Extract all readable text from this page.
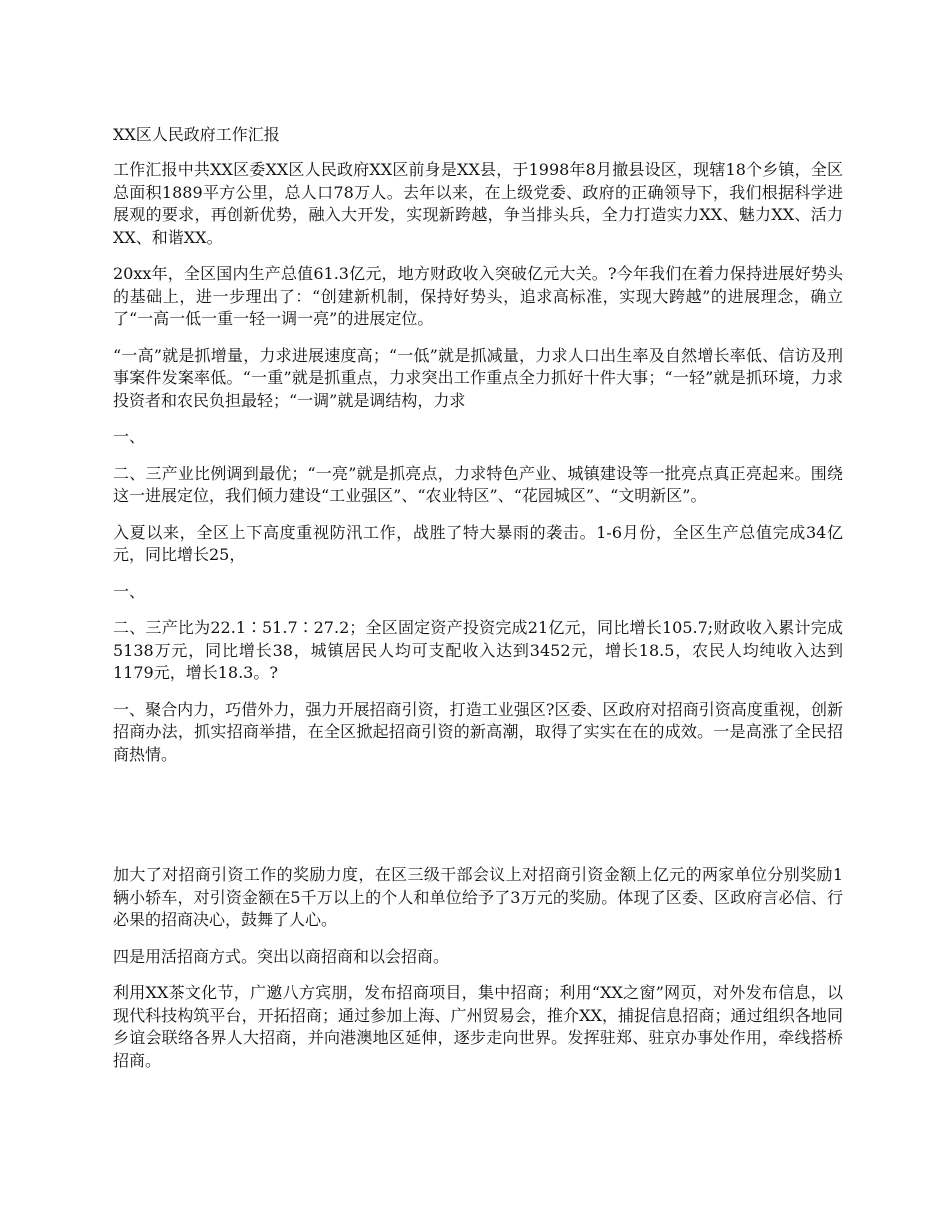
XX区人民政府工作汇报

工作汇报中共XX区委XX区人民政府XX区前身是XX县，于1998年8月撤县设区，现辖18个乡镇，全区总面积1889平方公里，总人口78万人。去年以来，在上级党委、政府的正确领导下，我们根据科学进展观的要求，再创新优势，融入大开发，实现新跨越，争当排头兵，全力打造实力XX、魅力XX、活力XX、和谐XX。

20xx年，全区国内生产总值61.3亿元，地方财政收入突破亿元大关。?今年我们在着力保持进展好势头的基础上，进一步理出了：“创建新机制，保持好势头，追求高标准，实现大跨越”的进展理念，确立了“一高一低一重一轻一调一亮”的进展定位。

“一高”就是抓增量，力求进展速度高；“一低”就是抓减量，力求人口出生率及自然增长率低、信访及刑事案件发案率低。“一重”就是抓重点，力求突出工作重点全力抓好十件大事；“一轻”就是抓环境，力求投资者和农民负担最轻；“一调”就是调结构，力求

一、

二、三产业比例调到最优；“一亮”就是抓亮点，力求特色产业、城镇建设等一批亮点真正亮起来。围绕这一进展定位，我们倾力建设“工业强区”、“农业特区”、“花园城区”、“文明新区”。

入夏以来，全区上下高度重视防汛工作，战胜了特大暴雨的袭击。1-6月份，全区生产总值完成34亿元，同比增长25，

一、

二、三产比为22.1∶51.7∶27.2；全区固定资产投资完成21亿元，同比增长105.7;财政收入累计完成5138万元，同比增长38，城镇居民人均可支配收入达到3452元，增长18.5，农民人均纯收入达到1179元，增长18.3。?

一、聚合内力，巧借外力，强力开展招商引资，打造工业强区?区委、区政府对招商引资高度重视，创新招商办法，抓实招商举措，在全区掀起招商引资的新高潮，取得了实实在在的成效。一是高涨了全民招商热情。

加大了对招商引资工作的奖励力度，在区三级干部会议上对招商引资金额上亿元的两家单位分别奖励1辆小轿车，对引资金额在5千万以上的个人和单位给予了3万元的奖励。体现了区委、区政府言必信、行必果的招商决心，鼓舞了人心。

四是用活招商方式。突出以商招商和以会招商。

利用XX茶文化节，广邀八方宾朋，发布招商项目，集中招商；利用“XX之窗”网页，对外发布信息，以现代科技构筑平台，开拓招商；通过参加上海、广州贸易会，推介XX，捕捉信息招商；通过组织各地同乡谊会联络各界人大招商，并向港澳地区延伸，逐步走向世界。发挥驻郑、驻京办事处作用，牵线搭桥招商。
